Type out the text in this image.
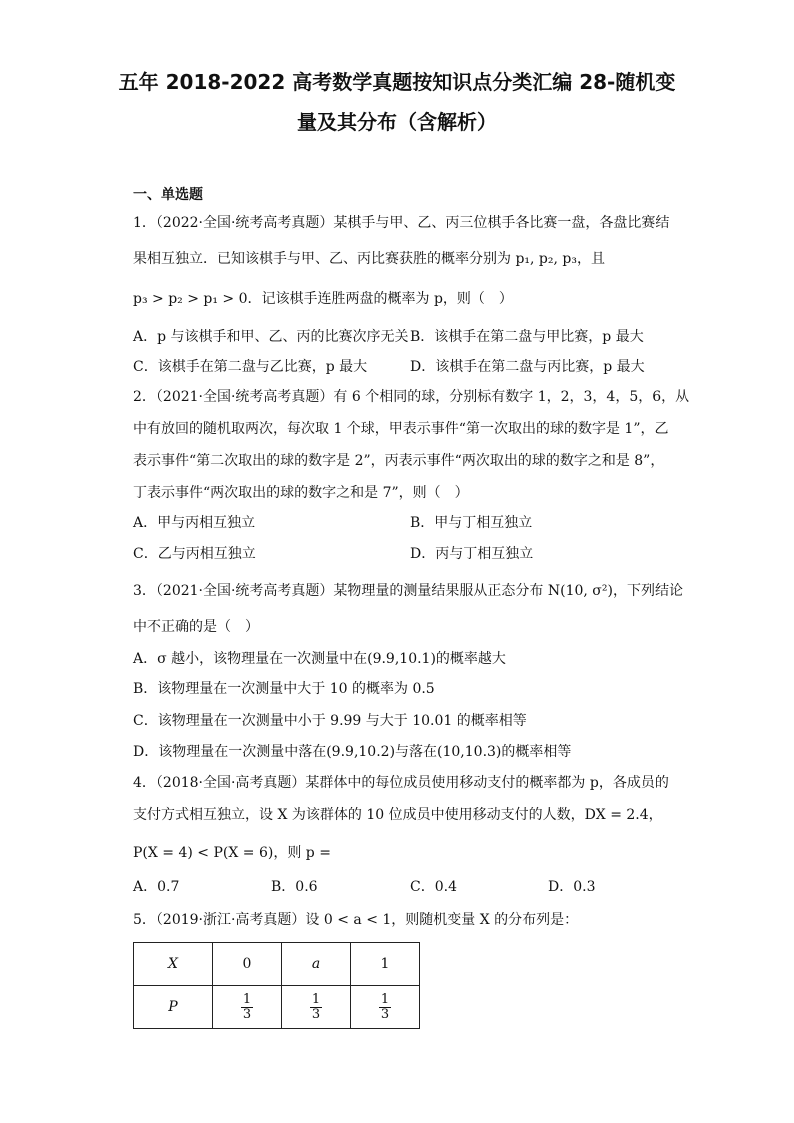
五年 2018-2022 高考数学真题按知识点分类汇编 28-随机变
量及其分布（含解析）
一、单选题
1．（2022·全国·统考高考真题）某棋手与甲、乙、丙三位棋手各比赛一盘，各盘比赛结
果相互独立．已知该棋手与甲、乙、丙比赛获胜的概率分别为 p₁, p₂, p₃，且
p₃ > p₂ > p₁ > 0．记该棋手连胜两盘的概率为 p，则（　）
A．p 与该棋手和甲、乙、丙的比赛次序无关 B．该棋手在第二盘与甲比赛，p 最大
C．该棋手在第二盘与乙比赛，p 最大	D．该棋手在第二盘与丙比赛，p 最大
2．（2021·全国·统考高考真题）有 6 个相同的球，分别标有数字 1，2，3，4，5，6，从
中有放回的随机取两次，每次取 1 个球，甲表示事件“第一次取出的球的数字是 1”，乙
表示事件“第二次取出的球的数字是 2”，丙表示事件“两次取出的球的数字之和是 8”，
丁表示事件“两次取出的球的数字之和是 7”，则（　）
A．甲与丙相互独立	B．甲与丁相互独立
C．乙与丙相互独立	D．丙与丁相互独立
3．（2021·全国·统考高考真题）某物理量的测量结果服从正态分布 N(10, σ²)，下列结论
中不正确的是（　）
A．σ 越小，该物理量在一次测量中在(9.9,10.1)的概率越大
B．该物理量在一次测量中大于 10 的概率为 0.5
C．该物理量在一次测量中小于 9.99 与大于 10.01 的概率相等
D．该物理量在一次测量中落在(9.9,10.2)与落在(10,10.3)的概率相等
4．（2018·全国·高考真题）某群体中的每位成员使用移动支付的概率都为 p，各成员的
支付方式相互独立，设 X 为该群体的 10 位成员中使用移动支付的人数，DX = 2.4，
P(X = 4) < P(X = 6)，则 p =
A．0.7	B．0.6	C．0.4	D．0.3
5．（2019·浙江·高考真题）设 0 < a < 1，则随机变量 X 的分布列是：
X	0	a	1
P	$\frac{1}{3}$	$\frac{1}{3}$	$\frac{1}{3}$
